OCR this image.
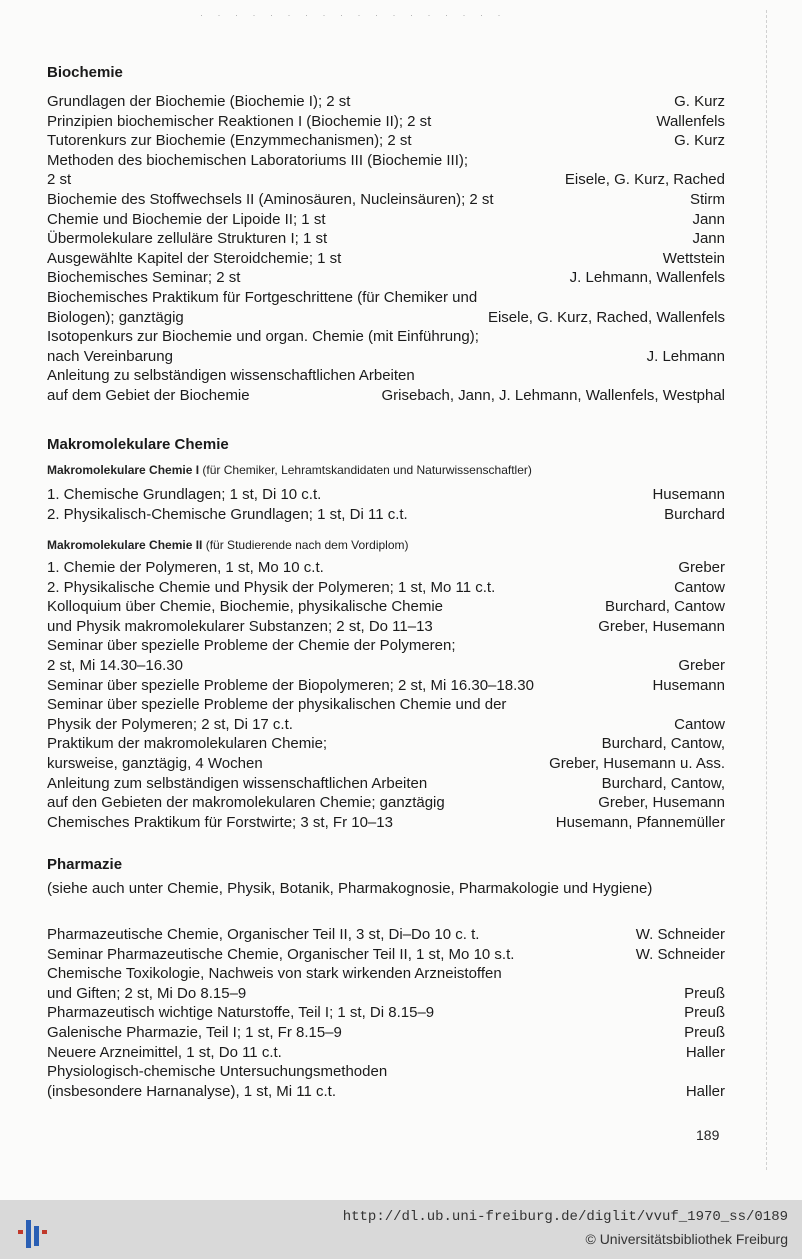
· · · · · · · · · · · · · · · · · ·
Biochemie
Grundlagen der Biochemie (Biochemie I); 2 st	G. Kurz
Prinzipien biochemischer Reaktionen I (Biochemie II); 2 st	Wallenfels
Tutorenkurs zur Biochemie (Enzymmechanismen); 2 st	G. Kurz
Methoden des biochemischen Laboratoriums III (Biochemie III);
2 st	Eisele, G. Kurz, Rached
Biochemie des Stoffwechsels II (Aminosäuren, Nucleinsäuren); 2 st	Stirm
Chemie und Biochemie der Lipoide II; 1 st	Jann
Übermolekulare zelluläre Strukturen I; 1 st	Jann
Ausgewählte Kapitel der Steroidchemie; 1 st	Wettstein
Biochemisches Seminar; 2 st	J. Lehmann, Wallenfels
Biochemisches Praktikum für Fortgeschrittene (für Chemiker und
Biologen); ganztägig	Eisele, G. Kurz, Rached, Wallenfels
Isotopenkurs zur Biochemie und organ. Chemie (mit Einführung);
nach Vereinbarung	J. Lehmann
Anleitung zu selbständigen wissenschaftlichen Arbeiten
auf dem Gebiet der Biochemie	Grisebach, Jann, J. Lehmann, Wallenfels, Westphal
Makromolekulare Chemie
Makromolekulare Chemie I (für Chemiker, Lehramtskandidaten und Naturwissenschaftler)
1. Chemische Grundlagen; 1 st, Di 10 c.t.	Husemann
2. Physikalisch-Chemische Grundlagen; 1 st, Di 11 c.t.	Burchard
Makromolekulare Chemie II (für Studierende nach dem Vordiplom)
1. Chemie der Polymeren, 1 st, Mo 10 c.t.	Greber
2. Physikalische Chemie und Physik der Polymeren; 1 st, Mo 11 c.t.	Cantow
Kolloquium über Chemie, Biochemie, physikalische Chemie	Burchard, Cantow
und Physik makromolekularer Substanzen; 2 st, Do 11–13	Greber, Husemann
Seminar über spezielle Probleme der Chemie der Polymeren;
2 st, Mi 14.30–16.30	Greber
Seminar über spezielle Probleme der Biopolymeren; 2 st, Mi 16.30–18.30	Husemann
Seminar über spezielle Probleme der physikalischen Chemie und der
Physik der Polymeren; 2 st, Di 17 c.t.	Cantow
Praktikum der makromolekularen Chemie;	Burchard, Cantow,
kursweise, ganztägig, 4 Wochen	Greber, Husemann u. Ass.
Anleitung zum selbständigen wissenschaftlichen Arbeiten	Burchard, Cantow,
auf den Gebieten der makromolekularen Chemie; ganztägig	Greber, Husemann
Chemisches Praktikum für Forstwirte; 3 st, Fr 10–13	Husemann, Pfannemüller
Pharmazie
(siehe auch unter Chemie, Physik, Botanik, Pharmakognosie, Pharmakologie und Hygiene)
Pharmazeutische Chemie, Organischer Teil II, 3 st, Di–Do 10 c. t.	W. Schneider
Seminar Pharmazeutische Chemie, Organischer Teil II, 1 st, Mo 10 s.t.	W. Schneider
Chemische Toxikologie, Nachweis von stark wirkenden Arzneistoffen
und Giften; 2 st, Mi Do 8.15–9	Preuß
Pharmazeutisch wichtige Naturstoffe, Teil I; 1 st, Di 8.15–9	Preuß
Galenische Pharmazie, Teil I; 1 st, Fr 8.15–9	Preuß
Neuere Arzneimittel, 1 st, Do 11 c.t.	Haller
Physiologisch-chemische Untersuchungsmethoden
(insbesondere Harnanalyse), 1 st, Mi 11 c.t.	Haller
189
http://dl.ub.uni-freiburg.de/diglit/vvuf_1970_ss/0189
© Universitätsbibliothek Freiburg
